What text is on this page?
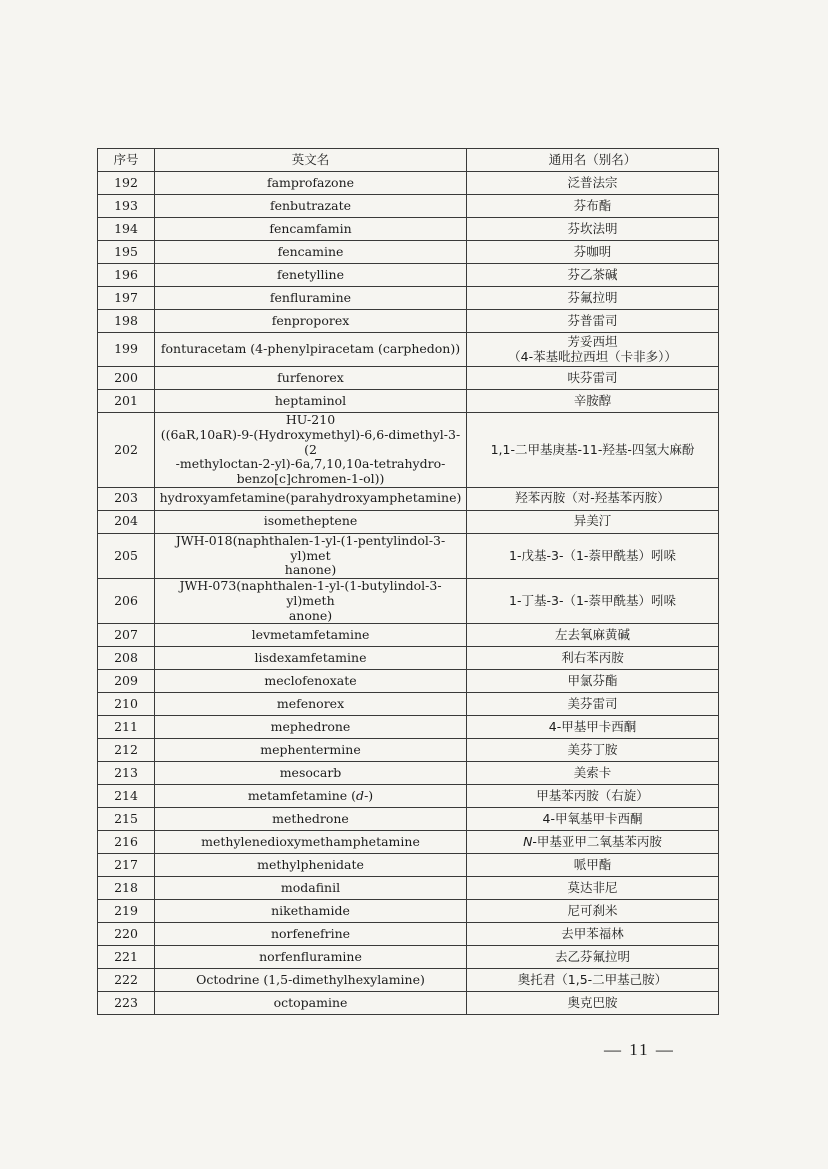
序号	英文名	通用名（别名）
192	famprofazone	泛普法宗
193	fenbutrazate	芬布酯
194	fencamfamin	芬坎法明
195	fencamine	芬咖明
196	fenetylline	芬乙茶碱
197	fenfluramine	芬氟拉明
198	fenproporex	芬普雷司
199	fonturacetam (4-phenylpiracetam (carphedon))	芳妥西坦
（4-苯基吡拉西坦（卡非多））
200	furfenorex	呋芬雷司
201	heptaminol	辛胺醇
202	HU-210
((6aR,10aR)-9-(Hydroxymethyl)-6,6-dimethyl-3-(2
-methyloctan-2-yl)-6a,7,10,10a-tetrahydro-
benzo[c]chromen-1-ol))	1,1-二甲基庚基-11-羟基-四氢大麻酚
203	hydroxyamfetamine(parahydroxyamphetamine)	羟苯丙胺（对-羟基苯丙胺）
204	isometheptene	异美汀
205	JWH-018(naphthalen-1-yl-(1-pentylindol-3-yl)met
hanone)	1-戊基-3-（1-萘甲酰基）吲哚
206	JWH-073(naphthalen-1-yl-(1-butylindol-3-yl)meth
anone)	1-丁基-3-（1-萘甲酰基）吲哚
207	levmetamfetamine	左去氧麻黄碱
208	lisdexamfetamine	利右苯丙胺
209	meclofenoxate	甲氯芬酯
210	mefenorex	美芬雷司
211	mephedrone	4-甲基甲卡西酮
212	mephentermine	美芬丁胺
213	mesocarb	美索卡
214	metamfetamine (d-)	甲基苯丙胺（右旋）
215	methedrone	4-甲氧基甲卡西酮
216	methylenedioxymethamphetamine	N-甲基亚甲二氧基苯丙胺
217	methylphenidate	哌甲酯
218	modafinil	莫达非尼
219	nikethamide	尼可刹米
220	norfenefrine	去甲苯福林
221	norfenfluramine	去乙芬氟拉明
222	Octodrine (1,5-dimethylhexylamine)	奥托君（1,5-二甲基己胺）
223	octopamine	奥克巴胺
— 11 —
